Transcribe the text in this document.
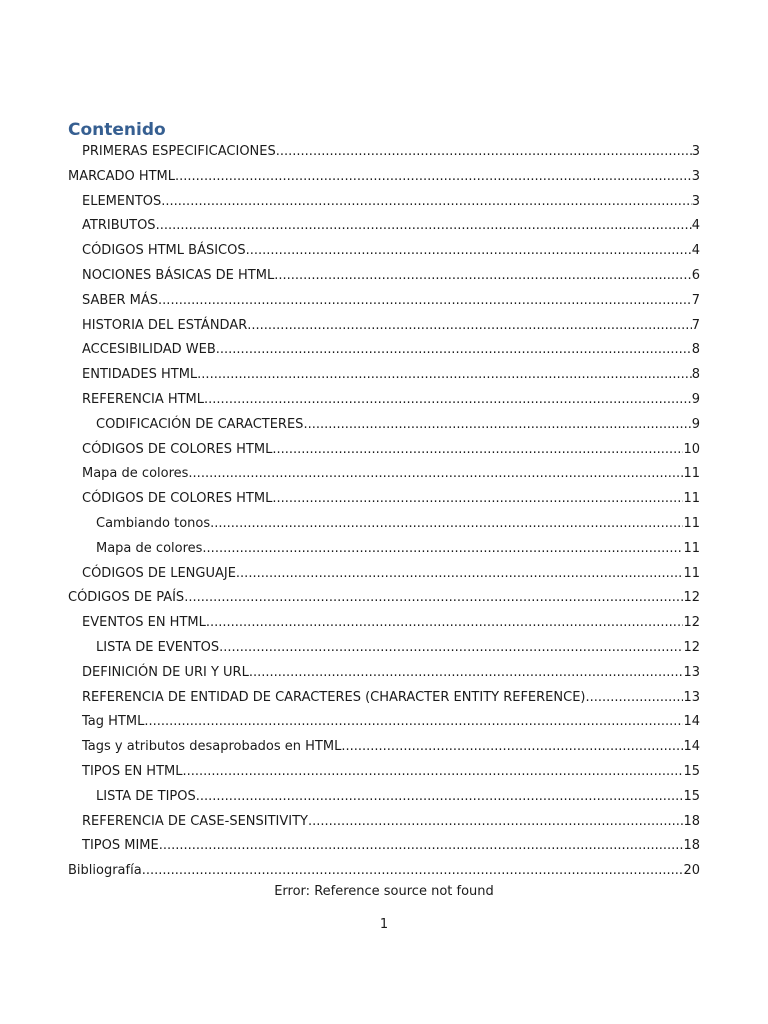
Contenido
PRIMERAS ESPECIFICACIONES .....	3
MARCADO HTML .....	3
ELEMENTOS .....	3
ATRIBUTOS .....	4
CÓDIGOS HTML BÁSICOS .....	4
NOCIONES BÁSICAS DE HTML .....	6
SABER MÁS .....	7
HISTORIA DEL ESTÁNDAR .....	7
ACCESIBILIDAD WEB .....	8
ENTIDADES HTML .....	8
REFERENCIA HTML .....	9
CODIFICACIÓN DE CARACTERES .....	9
CÓDIGOS DE COLORES HTML .....	10
Mapa de colores .....	11
CÓDIGOS DE COLORES HTML .....	11
Cambiando tonos .....	11
Mapa de colores .....	11
CÓDIGOS DE LENGUAJE .....	11
CÓDIGOS DE PAÍS .....	12
EVENTOS EN HTML .....	12
LISTA DE EVENTOS .....	12
DEFINICIÓN DE URI Y URL .....	13
REFERENCIA DE ENTIDAD DE CARACTERES (CHARACTER ENTITY REFERENCE) .....	13
Tag HTML .....	14
Tags y atributos desaprobados en HTML .....	14
TIPOS EN HTML .....	15
LISTA DE TIPOS .....	15
REFERENCIA DE CASE-SENSITIVITY .....	18
TIPOS MIME .....	18
Bibliografía .....	20
Error: Reference source not found
1
